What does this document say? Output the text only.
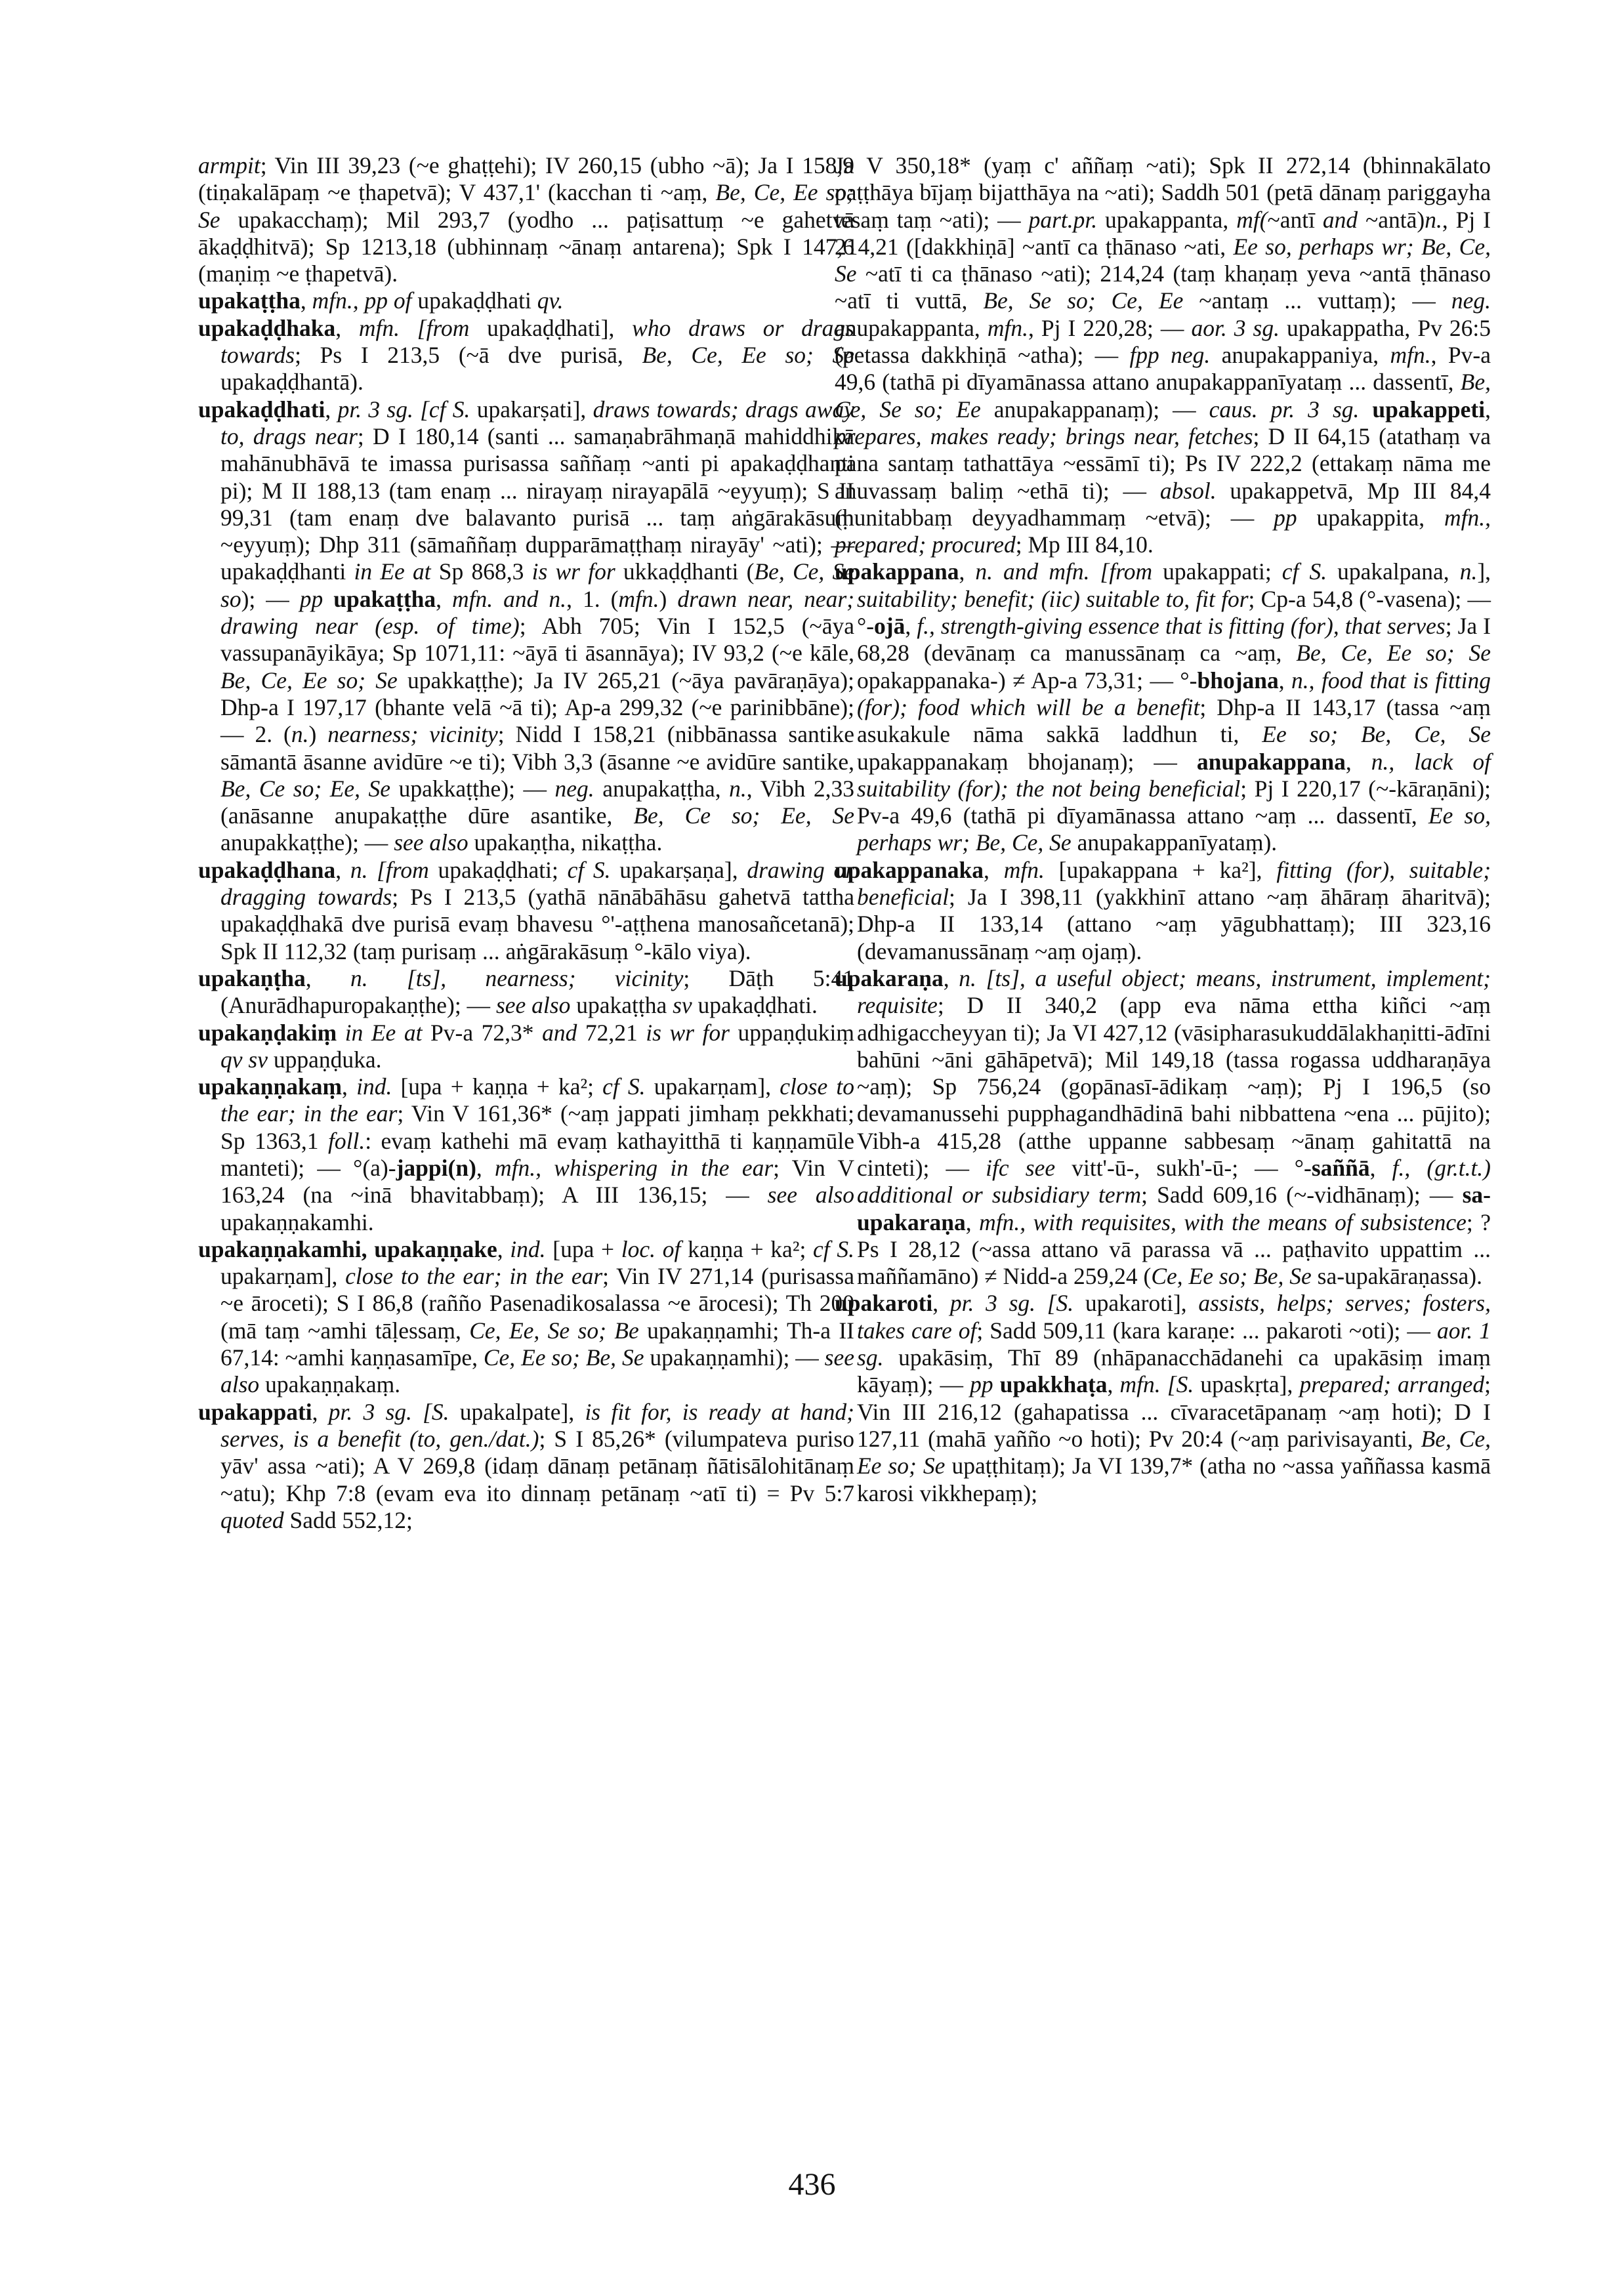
armpit; Vin III 39,23 (~e ghaṭṭehi); IV 260,15 (ubho ~ā); Ja I 158,9 (tiṇakalāpaṃ ~e ṭhapetvā); V 437,1' (kacchan ti ~aṃ, Be, Ce, Ee so; Se upakacchaṃ); Mil 293,7 (yodho ... paṭisattuṃ ~e gahetvā ākaḍḍhitvā); Sp 1213,18 (ubhinnaṃ ~ānaṃ antarena); Spk I 147,6 (maṇiṃ ~e ṭhapetvā).

upakaṭṭha, mfn., pp of upakaḍḍhati qv.

upakaḍḍhaka, mfn. [from upakaḍḍhati], who draws or drags towards; Ps I 213,5 (~ā dve purisā, Be, Ce, Ee so; Se upakaḍḍhantā).

upakaḍḍhati, pr. 3 sg. [cf S. upakarṣati], draws towards; drags away to, drags near; D I 180,14 (santi ... samaṇabrāhmaṇā mahiddhikā mahānubhāvā te imassa purisassa saññaṃ ~anti pi apakaḍḍhanti pi); M II 188,13 (tam enaṃ ... nirayaṃ nirayapālā ~eyyuṃ); S II 99,31 (tam enaṃ dve balavanto purisā ... taṃ aṅgārakāsuṃ ~eyyuṃ); Dhp 311 (sāmaññaṃ dupparāmaṭṭhaṃ nirayāy' ~ati); — upakaḍḍhanti in Ee at Sp 868,3 is wr for ukkaḍḍhanti (Be, Ce, Se so); — pp upakaṭṭha, mfn. and n., 1. (mfn.) drawn near, near; drawing near (esp. of time); Abh 705; Vin I 152,5 (~āya vassupanāyikāya; Sp 1071,11: ~āyā ti āsannāya); IV 93,2 (~e kāle, Be, Ce, Ee so; Se upakkaṭṭhe); Ja IV 265,21 (~āya pavāraṇāya); Dhp-a I 197,17 (bhante velā ~ā ti); Ap-a 299,32 (~e parinibbāne); — 2. (n.) nearness; vicinity; Nidd I 158,21 (nibbānassa santike sāmantā āsanne avidūre ~e ti); Vibh 3,3 (āsanne ~e avidūre santike, Be, Ce so; Ee, Se upakkaṭṭhe); — neg. anupakaṭṭha, n., Vibh 2,33 (anāsanne anupakaṭṭhe dūre asantike, Be, Ce so; Ee, Se anupakkaṭṭhe); — see also upakaṇṭha, nikaṭṭha.

upakaḍḍhana, n. [from upakaḍḍhati; cf S. upakarṣaṇa], drawing or dragging towards; Ps I 213,5 (yathā nānābāhāsu gahetvā tattha upakaḍḍhakā dve purisā evaṃ bhavesu °'-aṭṭhena manosañcetanā); Spk II 112,32 (taṃ purisaṃ ... aṅgārakāsuṃ °-kālo viya).

upakaṇṭha, n. [ts], nearness; vicinity; Dāṭh 5:41 (Anurādhapuropakaṇṭhe); — see also upakaṭṭha sv upakaḍḍhati.

upakaṇḍakiṃ in Ee at Pv-a 72,3* and 72,21 is wr for uppaṇḍukiṃ qv sv uppaṇḍuka.

upakaṇṇakaṃ, ind. [upa + kaṇṇa + ka²; cf S. upakarṇam], close to the ear; in the ear; Vin V 161,36* (~aṃ jappati jimhaṃ pekkhati; Sp 1363,1 foll.: evaṃ kathehi mā evaṃ kathayitthā ti kaṇṇamūle manteti); — °(a)-jappi(n), mfn., whispering in the ear; Vin V 163,24 (na ~inā bhavitabbaṃ); A III 136,15; — see also upakaṇṇakamhi.

upakaṇṇakamhi, upakaṇṇake, ind. [upa + loc. of kaṇṇa + ka²; cf S. upakarṇam], close to the ear; in the ear; Vin IV 271,14 (purisassa ~e āroceti); S I 86,8 (rañño Pasenadikosalassa ~e ārocesi); Th 200 (mā taṃ ~amhi tāḷessaṃ, Ce, Ee, Se so; Be upakaṇṇamhi; Th-a II 67,14: ~amhi kaṇṇasamīpe, Ce, Ee so; Be, Se upakaṇṇamhi); — see also upakaṇṇakaṃ.

upakappati, pr. 3 sg. [S. upakalpate], is fit for, is ready at hand; serves, is a benefit (to, gen./dat.); S I 85,26* (vilumpateva puriso yāv' assa ~ati); A V 269,8 (idaṃ dānaṃ petānaṃ ñātisālohitānaṃ ~atu); Khp 7:8 (evam eva ito dinnaṃ petānaṃ ~atī ti) = Pv 5:7 quoted Sadd 552,12;

Ja V 350,18* (yaṃ c' aññaṃ ~ati); Spk II 272,14 (bhinnakālato paṭṭhāya bījaṃ bijatthāya na ~ati); Saddh 501 (petā dānaṃ pariggayha tesaṃ taṃ ~ati); — part.pr. upakappanta, mf(~antī and ~antā)n., Pj I 214,21 ([dakkhiṇā] ~antī ca ṭhānaso ~ati, Ee so, perhaps wr; Be, Ce, Se ~atī ti ca ṭhānaso ~ati); 214,24 (taṃ khaṇaṃ yeva ~antā ṭhānaso ~atī ti vuttā, Be, Se so; Ce, Ee ~antaṃ ... vuttaṃ); — neg. anupakappanta, mfn., Pj I 220,28; — aor. 3 sg. upakappatha, Pv 26:5 (petassa dakkhiṇā ~atha); — fpp neg. anupakappaniya, mfn., Pv-a 49,6 (tathā pi dīyamānassa attano anupakappanīyataṃ ... dassentī, Be, Ce, Se so; Ee anupakappanaṃ); — caus. pr. 3 sg. upakappeti, prepares, makes ready; brings near, fetches; D II 64,15 (atathaṃ va pana santaṃ tathattāya ~essāmī ti); Ps IV 222,2 (ettakaṃ nāma me anuvassaṃ baliṃ ~ethā ti); — absol. upakappetvā, Mp III 84,4 (hunitabbaṃ deyyadhammaṃ ~etvā); — pp upakappita, mfn., prepared; procured; Mp III 84,10.

upakappana, n. and mfn. [from upakappati; cf S. upakalpana, n.], suitability; benefit; (iic) suitable to, fit for; Cp-a 54,8 (°-vasena); — °-ojā, f., strength-giving essence that is fitting (for), that serves; Ja I 68,28 (devānaṃ ca manussānaṃ ca ~aṃ, Be, Ce, Ee so; Se opakappanaka-) ≠ Ap-a 73,31; — °-bhojana, n., food that is fitting (for); food which will be a benefit; Dhp-a II 143,17 (tassa ~aṃ asukakule nāma sakkā laddhun ti, Ee so; Be, Ce, Se upakappanakaṃ bhojanaṃ); — anupakappana, n., lack of suitability (for); the not being beneficial; Pj I 220,17 (~-kāraṇāni); Pv-a 49,6 (tathā pi dīyamānassa attano ~aṃ ... dassentī, Ee so, perhaps wr; Be, Ce, Se anupakappanīyataṃ).

upakappanaka, mfn. [upakappana + ka²], fitting (for), suitable; beneficial; Ja I 398,11 (yakkhinī attano ~aṃ āhāraṃ āharitvā); Dhp-a II 133,14 (attano ~aṃ yāgubhattaṃ); III 323,16 (devamanussānaṃ ~aṃ ojaṃ).

upakaraṇa, n. [ts], a useful object; means, instrument, implement; requisite; D II 340,2 (app eva nāma ettha kiñci ~aṃ adhigaccheyyan ti); Ja VI 427,12 (vāsipharasukuddālakhaṇitti-ādīni bahūni ~āni gāhāpetvā); Mil 149,18 (tassa rogassa uddharaṇāya ~aṃ); Sp 756,24 (gopānasī-ādikaṃ ~aṃ); Pj I 196,5 (so devamanussehi pupphagandhādinā bahi nibbattena ~ena ... pūjito); Vibh-a 415,28 (atthe uppanne sabbesaṃ ~ānaṃ gahitattā na cinteti); — ifc see vitt'-ū-, sukh'-ū-; — °-saññā, f., (gr.t.t.) additional or subsidiary term; Sadd 609,16 (~-vidhānaṃ); — sa-upakaraṇa, mfn., with requisites, with the means of subsistence; ? Ps I 28,12 (~assa attano vā parassa vā ... paṭhavito uppattim ... maññamāno) ≠ Nidd-a 259,24 (Ce, Ee so; Be, Se sa-upakāraṇassa).

upakaroti, pr. 3 sg. [S. upakaroti], assists, helps; serves; fosters, takes care of; Sadd 509,11 (kara karaṇe: ... pakaroti ~oti); — aor. 1 sg. upakāsiṃ, Thī 89 (nhāpanacchādanehi ca upakāsiṃ imaṃ kāyaṃ); — pp upakkhaṭa, mfn. [S. upaskṛta], prepared; arranged; Vin III 216,12 (gahapatissa ... cīvaracetāpanaṃ ~aṃ hoti); D I 127,11 (mahā yañño ~o hoti); Pv 20:4 (~aṃ parivisayanti, Be, Ce, Ee so; Se upaṭṭhitaṃ); Ja VI 139,7* (atha no ~assa yaññassa kasmā karosi vikkhepaṃ);

436
